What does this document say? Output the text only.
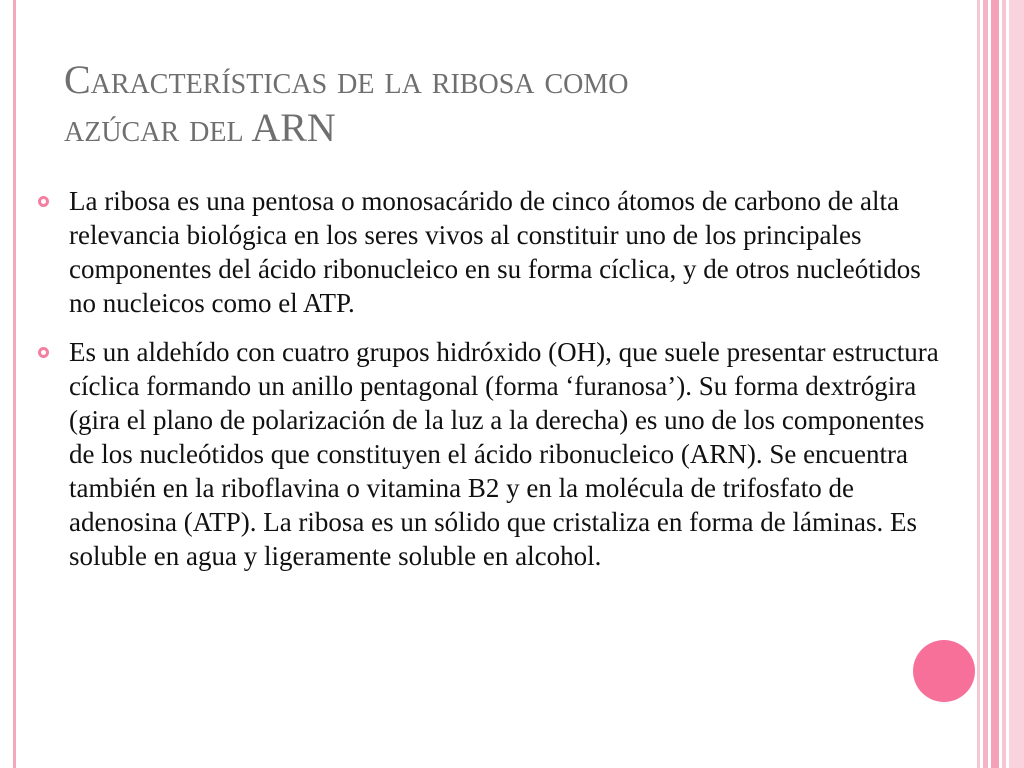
Características de la ribosa como
azúcar del ARN
La ribosa es una pentosa o monosacárido de cinco átomos de carbono de alta relevancia biológica en los seres vivos al constituir uno de los principales componentes del ácido ribonucleico en su forma cíclica, y de otros nucleótidos no nucleicos como el ATP.
Es un aldehído con cuatro grupos hidróxido (OH), que suele presentar estructura cíclica formando un anillo pentagonal (forma ‘furanosa’). Su forma dextrógira (gira el plano de polarización de la luz a la derecha) es uno de los componentes de los nucleótidos que constituyen el ácido ribonucleico (ARN). Se encuentra también en la riboflavina o vitamina B2 y en la molécula de trifosfato de adenosina (ATP). La ribosa es un sólido que cristaliza en forma de láminas. Es soluble en agua y ligeramente soluble en alcohol.
